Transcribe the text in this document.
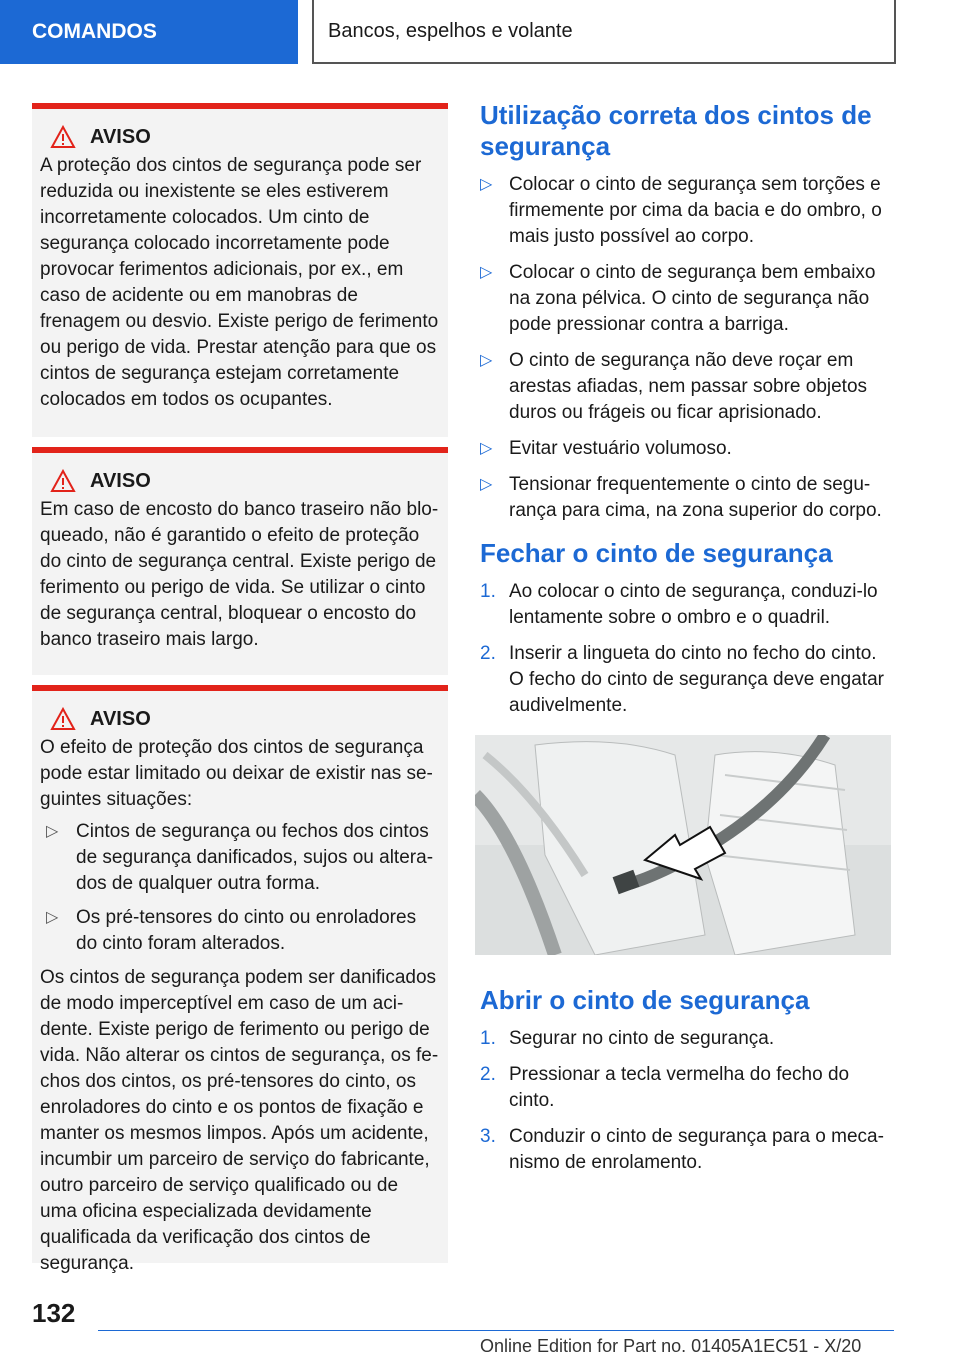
COMANDOS	Bancos, espelhos e volante
AVISO

A proteção dos cintos de segurança pode ser reduzida ou inexistente se eles estiverem incorretamente colocados. Um cinto de segurança colocado incorretamente pode provocar ferimentos adicionais, por ex., em caso de acidente ou em manobras de frenagem ou desvio. Existe perigo de ferimento ou perigo de vida. Prestar atenção para que os cintos de segurança estejam corretamente colocados em todos os ocupantes.

AVISO

Em caso de encosto do banco traseiro não bloqueado, não é garantido o efeito de proteção do cinto de segurança central. Existe perigo de ferimento ou perigo de vida. Se utilizar o cinto de segurança central, bloquear o encosto do banco traseiro mais largo.

AVISO

O efeito de proteção dos cintos de segurança pode estar limitado ou deixar de existir nas seguintes situações:

▷ Cintos de segurança ou fechos dos cintos de segurança danificados, sujos ou alterados de qualquer outra forma.
▷ Os pré-tensores do cinto ou enroladores do cinto foram alterados.

Os cintos de segurança podem ser danificados de modo imperceptível em caso de um acidente. Existe perigo de ferimento ou perigo de vida. Não alterar os cintos de segurança, os fechos dos cintos, os pré-tensores do cinto, os enroladores do cinto e os pontos de fixação e manter os mesmos limpos. Após um acidente, incumbir um parceiro de serviço do fabricante, outro parceiro de serviço qualificado ou de uma oficina especializada devidamente qualificada da verificação dos cintos de segurança.

Utilização correta dos cintos de segurança
▷ Colocar o cinto de segurança sem torções e firmemente por cima da bacia e do ombro, o mais justo possível ao corpo.
▷ Colocar o cinto de segurança bem embaixo na zona pélvica. O cinto de segurança não pode pressionar contra a barriga.
▷ O cinto de segurança não deve roçar em arestas afiadas, nem passar sobre objetos duros ou frágeis ou ficar aprisionado.
▷ Evitar vestuário volumoso.
▷ Tensionar frequentemente o cinto de segurança para cima, na zona superior do corpo.
Fechar o cinto de segurança
1. Ao colocar o cinto de segurança, conduzi-lo lentamente sobre o ombro e o quadril.
2. Inserir a lingueta do cinto no fecho do cinto. O fecho do cinto de segurança deve engatar audivelmente.
Abrir o cinto de segurança
1. Segurar no cinto de segurança.
2. Pressionar a tecla vermelha do fecho do cinto.
3. Conduzir o cinto de segurança para o mecanismo de enrolamento.
132
Online Edition for Part no. 01405A1EC51 - X/20
